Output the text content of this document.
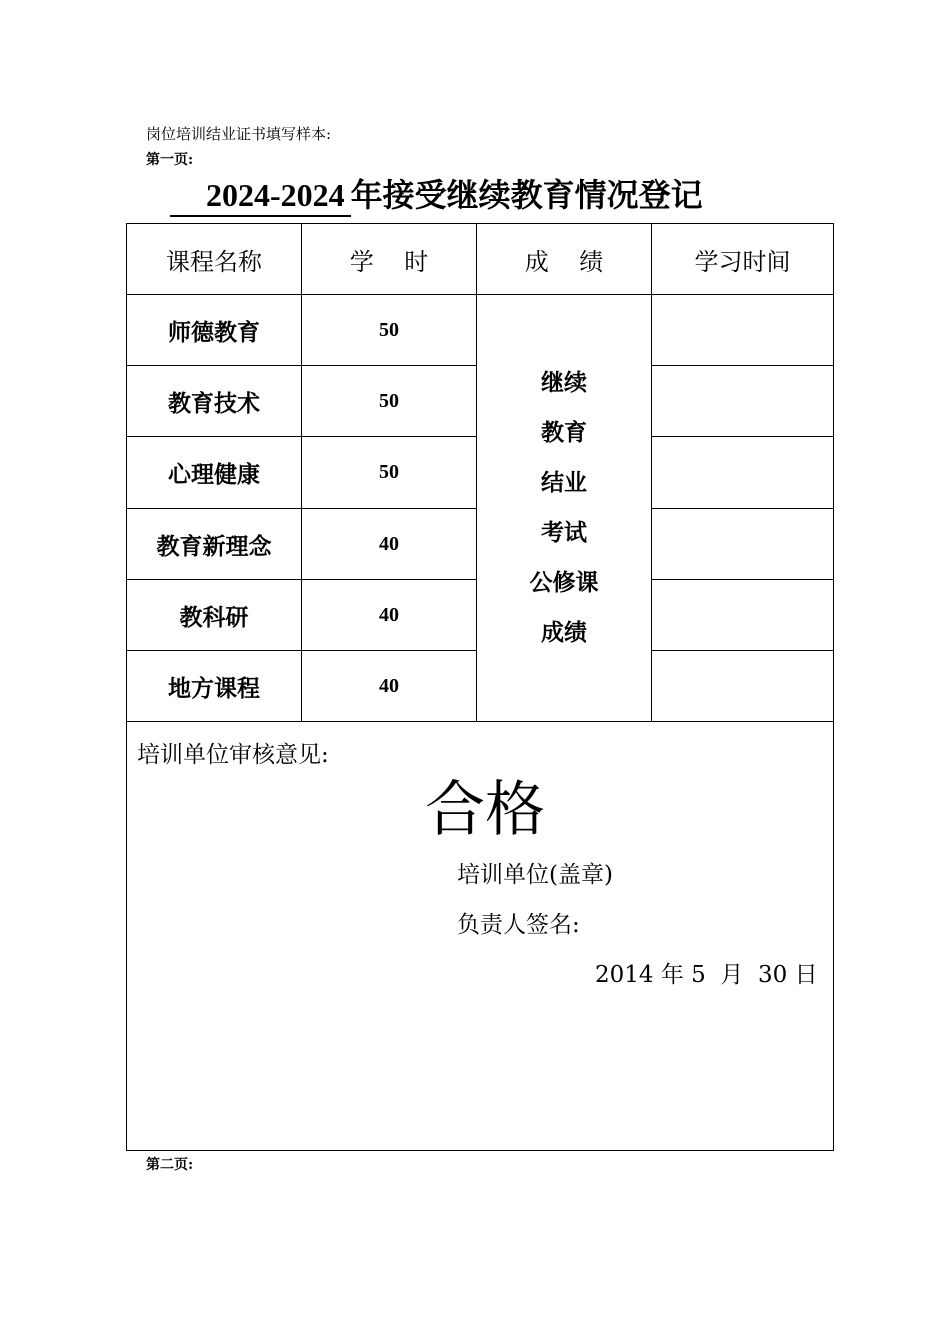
岗位培训结业证书填写样本:
第一页:
2024-2024 年接受继续教育情况登记
课程名称	学    时	成    绩	学习时间
师德教育	50
教育技术	50
心理健康	50
教育新理念	40
教科研	40
地方课程	40
继续
教育
结业
考试
公修课
成绩
培训单位审核意见:
合格
培训单位(盖章)
负责人签名:
2014 年 5  月  30 日
第二页:
